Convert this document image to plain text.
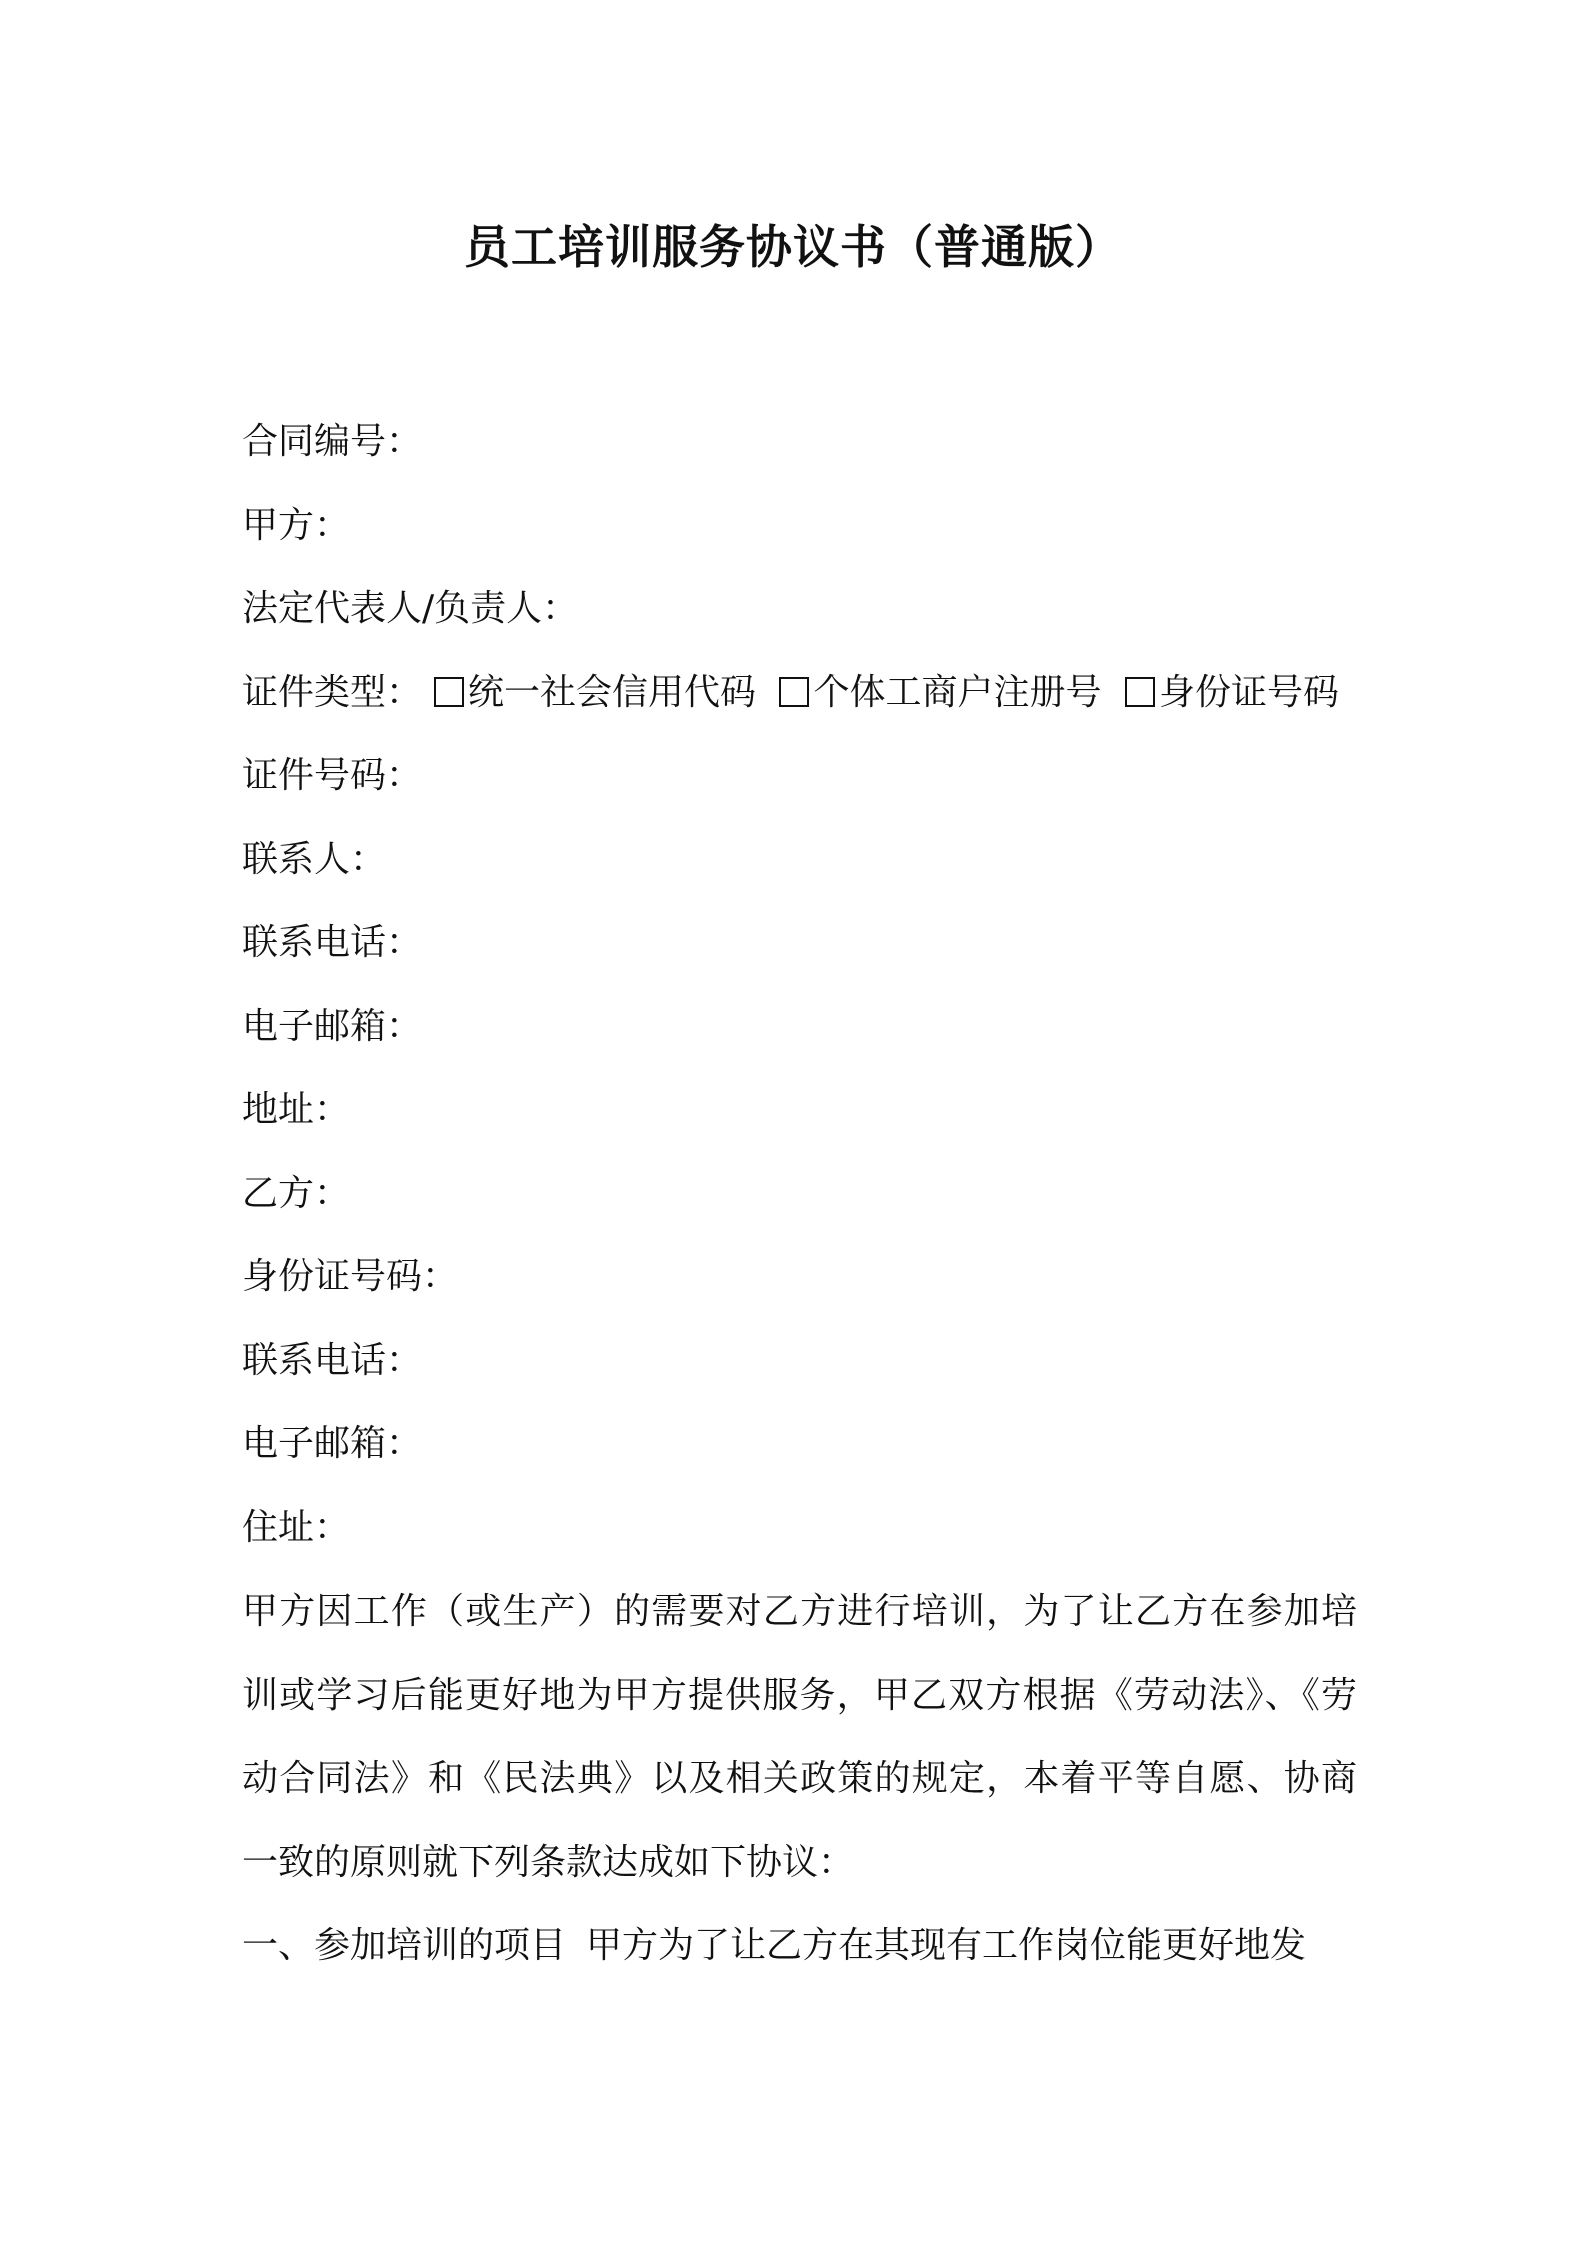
员工培训服务协议书（普通版）
合同编号：
甲方：
法定代表人/负责人：
证件类型： 统一社会信用代码 个体工商户注册号 身份证号码
证件号码：
联系人：
联系电话：
电子邮箱：
地址：
乙方：
身份证号码：
联系电话：
电子邮箱：
住址：

甲方因工作（或生产）的需要对乙方进行培训，为了让乙方在参加培
训或学习后能更好地为甲方提供服务，甲乙双方根据《劳动法》、《劳
动合同法》和《民法典》以及相关政策的规定，本着平等自愿、协商
一致的原则就下列条款达成如下协议：

一、参加培训的项目 甲方为了让乙方在其现有工作岗位能更好地发
